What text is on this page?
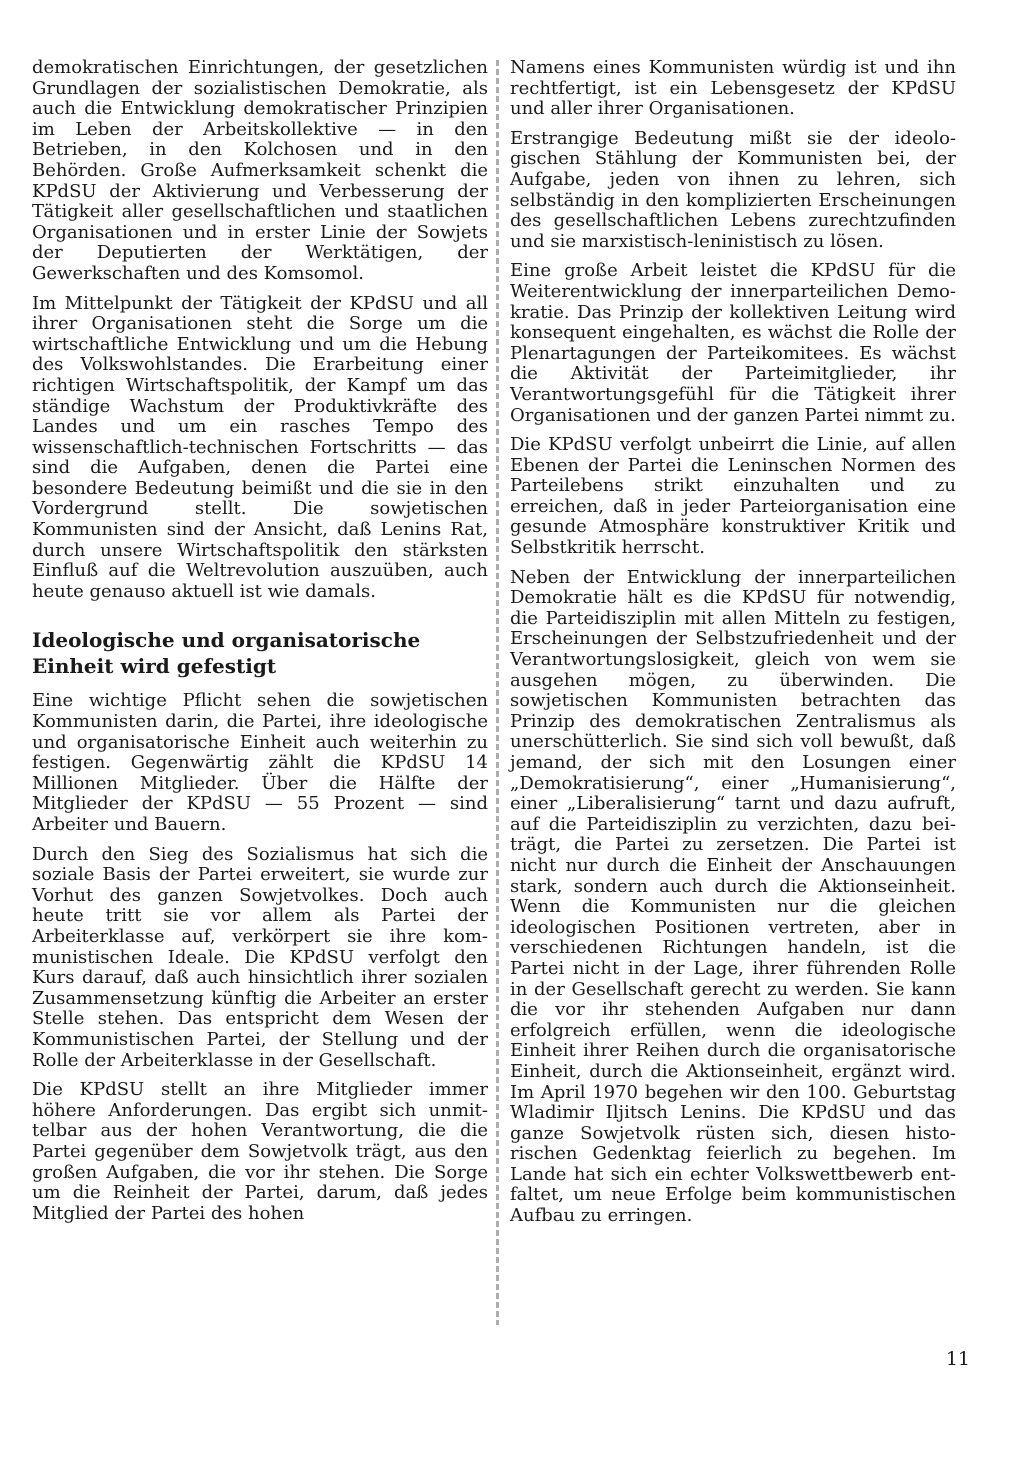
demokratischen Einrichtungen, der gesetzlichen Grundlagen der sozialistischen Demokratie, als auch die Entwicklung demokratischer Prinzipien im Leben der Arbeitskollektive — in den Betrieben, in den Kolchosen und in den Behörden. Große Aufmerksamkeit schenkt die KPdSU der Aktivierung und Verbesserung der Tätigkeit aller gesellschaftlichen und staatlichen Organisationen und in erster Linie der Sowjets der Deputierten der Werktätigen, der Gewerkschaften und des Komsomol.

Im Mittelpunkt der Tätigkeit der KPdSU und all ihrer Organisationen steht die Sorge um die wirtschaftliche Entwicklung und um die Hebung des Volkswohlstandes. Die Erarbeitung einer richtigen Wirtschaftspolitik, der Kampf um das ständige Wachstum der Produktivkräfte des Landes und um ein rasches Tempo des wissenschaftlich-technischen Fortschritts — das sind die Aufgaben, denen die Partei eine besondere Bedeutung beimißt und die sie in den Vordergrund stellt. Die sowjetischen Kommunisten sind der Ansicht, daß Lenins Rat, durch unsere Wirtschaftspolitik den stärksten Einfluß auf die Weltrevolution auszuüben, auch heute genauso aktuell ist wie damals.

Ideologische und organisatorische
Einheit wird gefestigt

Eine wichtige Pflicht sehen die sowjetischen Kommunisten darin, die Partei, ihre ideologische und organisatorische Einheit auch weiterhin zu festigen. Gegenwärtig zählt die KPdSU 14 Millionen Mitglieder. Über die Hälfte der Mitglieder der KPdSU — 55 Prozent — sind Arbeiter und Bauern.

Durch den Sieg des Sozialismus hat sich die soziale Basis der Partei erweitert, sie wurde zur Vorhut des ganzen Sowjetvolkes. Doch auch heute tritt sie vor allem als Partei der Arbeiterklasse auf, verkörpert sie ihre kommunistischen Ideale. Die KPdSU verfolgt den Kurs darauf, daß auch hinsichtlich ihrer sozialen Zusammensetzung künftig die Arbeiter an erster Stelle stehen. Das entspricht dem Wesen der Kommunistischen Partei, der Stellung und der Rolle der Arbeiterklasse in der Gesellschaft.

Die KPdSU stellt an ihre Mitglieder immer höhere Anforderungen. Das ergibt sich unmittelbar aus der hohen Verantwortung, die die Partei gegenüber dem Sowjetvolk trägt, aus den großen Aufgaben, die vor ihr stehen. Die Sorge um die Reinheit der Partei, darum, daß jedes Mitglied der Partei des hohen

Namens eines Kommunisten würdig ist und ihn rechtfertigt, ist ein Lebensgesetz der KPdSU und aller ihrer Organisationen.

Erstrangige Bedeutung mißt sie der ideologischen Stählung der Kommunisten bei, der Aufgabe, jeden von ihnen zu lehren, sich selbständig in den komplizierten Erscheinungen des gesellschaftlichen Lebens zurechtzufinden und sie marxistisch-leninistisch zu lösen.

Eine große Arbeit leistet die KPdSU für die Weiterentwicklung der innerparteilichen Demokratie. Das Prinzip der kollektiven Leitung wird konsequent eingehalten, es wächst die Rolle der Plenartagungen der Parteikomitees. Es wächst die Aktivität der Parteimitglieder, ihr Verantwortungsgefühl für die Tätigkeit ihrer Organisationen und der ganzen Partei nimmt zu.

Die KPdSU verfolgt unbeirrt die Linie, auf allen Ebenen der Partei die Leninschen Normen des Parteilebens strikt einzuhalten und zu erreichen, daß in jeder Parteiorganisation eine gesunde Atmosphäre konstruktiver Kritik und Selbstkritik herrscht.

Neben der Entwicklung der innerparteilichen Demokratie hält es die KPdSU für notwendig, die Parteidisziplin mit allen Mitteln zu festigen, Erscheinungen der Selbstzufriedenheit und der Verantwortungslosigkeit, gleich von wem sie ausgehen mögen, zu überwinden. Die sowjetischen Kommunisten betrachten das Prinzip des demokratischen Zentralismus als unerschütterlich. Sie sind sich voll bewußt, daß jemand, der sich mit den Losungen einer „Demokratisierung“, einer „Humanisierung“, einer „Liberalisierung“ tarnt und dazu aufruft, auf die Parteidisziplin zu verzichten, dazu beiträgt, die Partei zu zersetzen. Die Partei ist nicht nur durch die Einheit der Anschauungen stark, sondern auch durch die Aktionseinheit. Wenn die Kommunisten nur die gleichen ideologischen Positionen vertreten, aber in verschiedenen Richtungen handeln, ist die Partei nicht in der Lage, ihrer führenden Rolle in der Gesellschaft gerecht zu werden. Sie kann die vor ihr stehenden Aufgaben nur dann erfolgreich erfüllen, wenn die ideologische Einheit ihrer Reihen durch die organisatorische Einheit, durch die Aktionseinheit, ergänzt wird. Im April 1970 begehen wir den 100. Geburtstag Wladimir Iljitsch Lenins. Die KPdSU und das ganze Sowjetvolk rüsten sich, diesen historischen Gedenktag feierlich zu begehen. Im Lande hat sich ein echter Volkswettbewerb entfaltet, um neue Erfolge beim kommunistischen Aufbau zu erringen.

11
